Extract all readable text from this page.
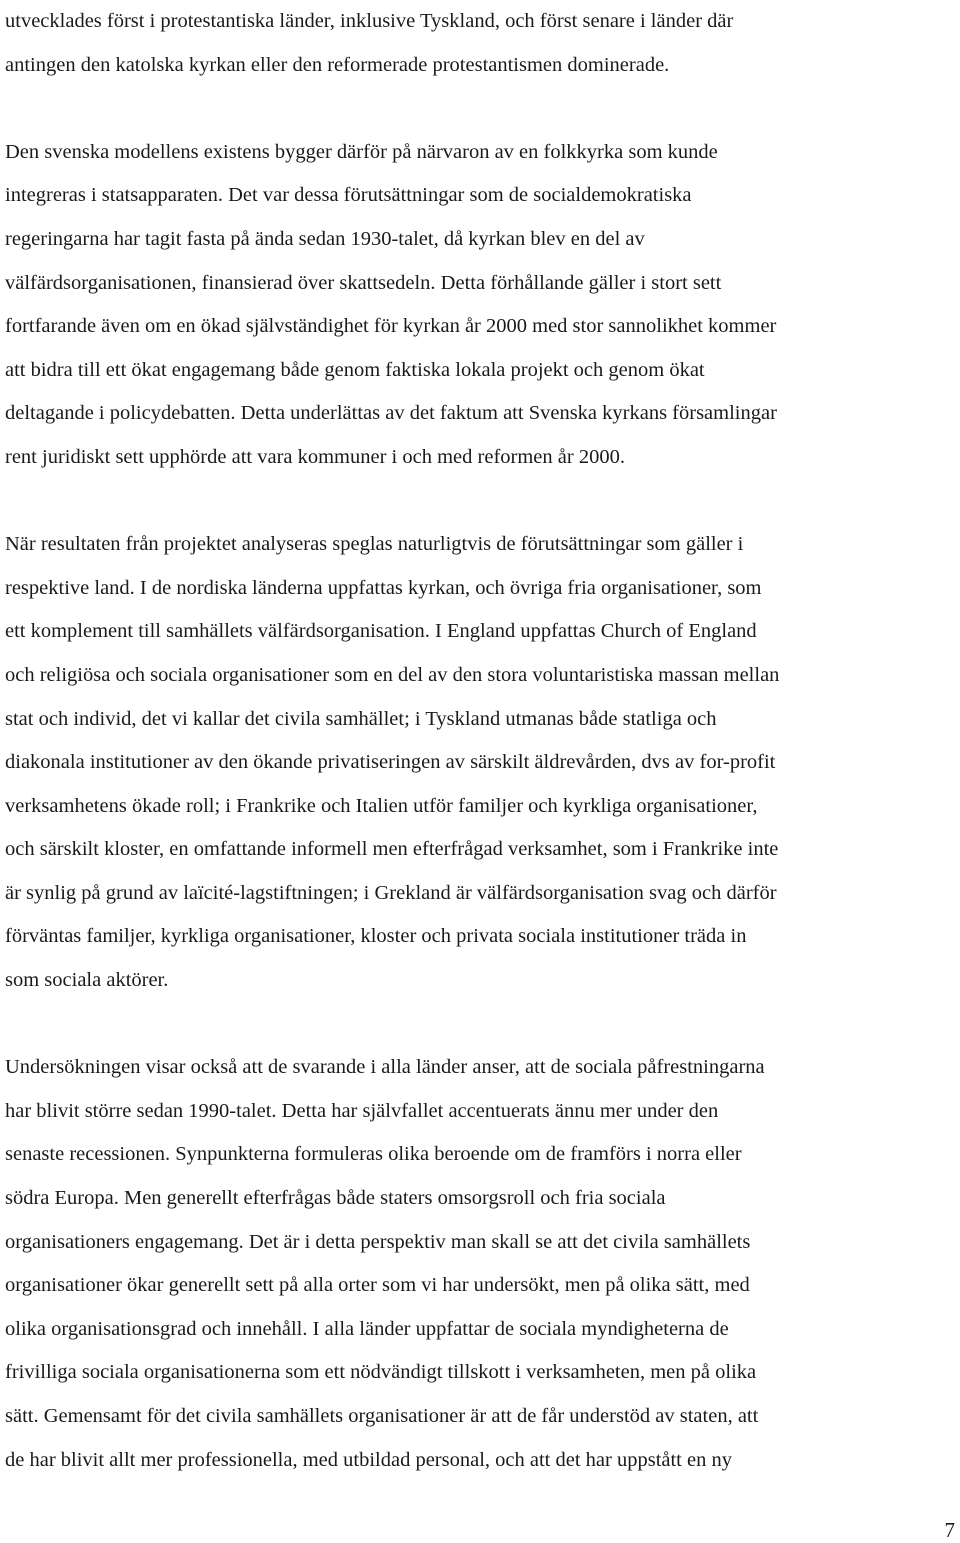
utvecklades först i protestantiska länder, inklusive Tyskland, och först senare i länder där
antingen den katolska kyrkan eller den reformerade protestantismen dominerade.
Den svenska modellens existens bygger därför på närvaron av en folkkyrka som kunde
integreras i statsapparaten. Det var dessa förutsättningar som de socialdemokratiska
regeringarna har tagit fasta på ända sedan 1930-talet, då kyrkan blev en del av
välfärdsorganisationen, finansierad över skattsedeln. Detta förhållande gäller i stort sett
fortfarande även om en ökad självständighet för kyrkan år 2000 med stor sannolikhet kommer
att bidra till ett ökat engagemang både genom faktiska lokala projekt och genom ökat
deltagande i policydebatten. Detta underlättas av det faktum att Svenska kyrkans församlingar
rent juridiskt sett upphörde att vara kommuner i och med reformen år 2000.
När resultaten från projektet analyseras speglas naturligtvis de förutsättningar som gäller i
respektive land. I de nordiska länderna uppfattas kyrkan, och övriga fria organisationer, som
ett komplement till samhällets välfärdsorganisation. I England uppfattas Church of England
och religiösa och sociala organisationer som en del av den stora voluntaristiska massan mellan
stat och individ, det vi kallar det civila samhället; i Tyskland utmanas både statliga och
diakonala institutioner av den ökande privatiseringen av särskilt äldrevården, dvs av for-profit
verksamhetens ökade roll; i Frankrike och Italien utför familjer och kyrkliga organisationer,
och särskilt kloster, en omfattande informell men efterfrågad verksamhet, som i Frankrike inte
är synlig på grund av laïcité-lagstiftningen; i Grekland är välfärdsorganisation svag och därför
förväntas familjer, kyrkliga organisationer, kloster och privata sociala institutioner träda in
som sociala aktörer.
Undersökningen visar också att de svarande i alla länder anser, att de sociala påfrestningarna
har blivit större sedan 1990-talet. Detta har självfallet accentuerats ännu mer under den
senaste recessionen. Synpunkterna formuleras olika beroende om de framförs i norra eller
södra Europa. Men generellt efterfrågas både staters omsorgsroll och fria sociala
organisationers engagemang. Det är i detta perspektiv man skall se att det civila samhällets
organisationer ökar generellt sett på alla orter som vi har undersökt, men på olika sätt, med
olika organisationsgrad och innehåll. I alla länder uppfattar de sociala myndigheterna de
frivilliga sociala organisationerna som ett nödvändigt tillskott i verksamheten, men på olika
sätt. Gemensamt för det civila samhällets organisationer är att de får understöd av staten, att
de har blivit allt mer professionella, med utbildad personal, och att det har uppstått en ny
7
